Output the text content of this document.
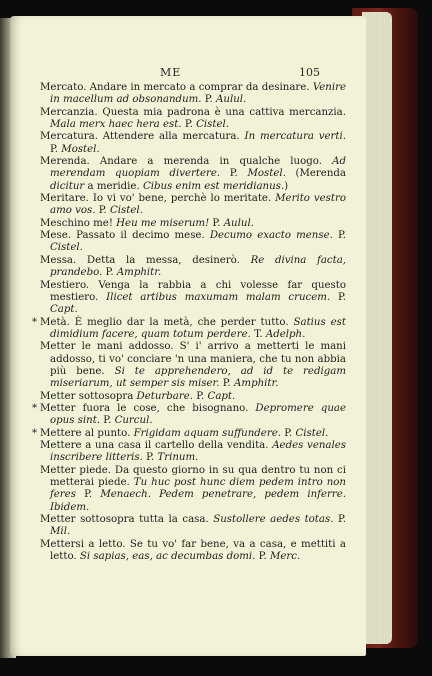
ME	105

Mercato. Andare in mercato a comprar da desinare. Venire in macellum ad obsonandum. P. Aulul.

Mercanzia. Questa mia padrona è una cattiva mercanzia. Mala merx haec hera est. P. Cistel.

Mercatura. Attendere alla mercatura. In mercatura verti. P. Mostel.

Merenda. Andare a merenda in qualche luogo. Ad merendam quopiam divertere. P. Mostel. (Merenda dicitur a meridie. Cibus enim est meridianus.)

Meritare. Io vi vo' bene, perchè lo meritate. Merito vestro amo vos. P. Cistel.

Meschino me! Heu me miserum! P. Aulul.

Mese. Passato il decimo mese. Decumo exacto mense. P. Cistel.

Messa. Detta la messa, desinerò. Re divina facta, prandebo. P. Amphitr.

Mestiero. Venga la rabbia a chi volesse far questo mestiero. Ilicet artibus maxumam malam crucem. P. Capt.

* Metà. È meglio dar la metà, che perder tutto. Satius est dimidium facere, quam totum perdere. T. Adelph.

Metter le mani addosso. S' i' arrivo a metterti le mani addosso, ti vo' conciare 'n una maniera, che tu non abbia più bene. Si te apprehendero, ad id te redigam miseriarum, ut semper sis miser. P. Amphitr.

Metter sottosopra Deturbare. P. Capt.

* Metter fuora le cose, che bisognano. Depromere quae opus sint. P. Curcul.

* Mettere al punto. Frigidam aquam suffundere. P. Cistel.

Mettere a una casa il cartello della vendita. Aedes venales inscribere litteris. P. Trinum.

Metter piede. Da questo giorno in su qua dentro tu non ci metterai piede. Tu huc post hunc diem pedem intro non feres P. Menaech. Pedem penetrare, pedem inferre. Ibidem.

Metter sottosopra tutta la casa. Sustollere aedes totas. P. Mil.

Mettersi a letto. Se tu vo' far bene, va a casa, e mettiti a letto. Si sapias, eas, ac decumbas domi. P. Merc.
